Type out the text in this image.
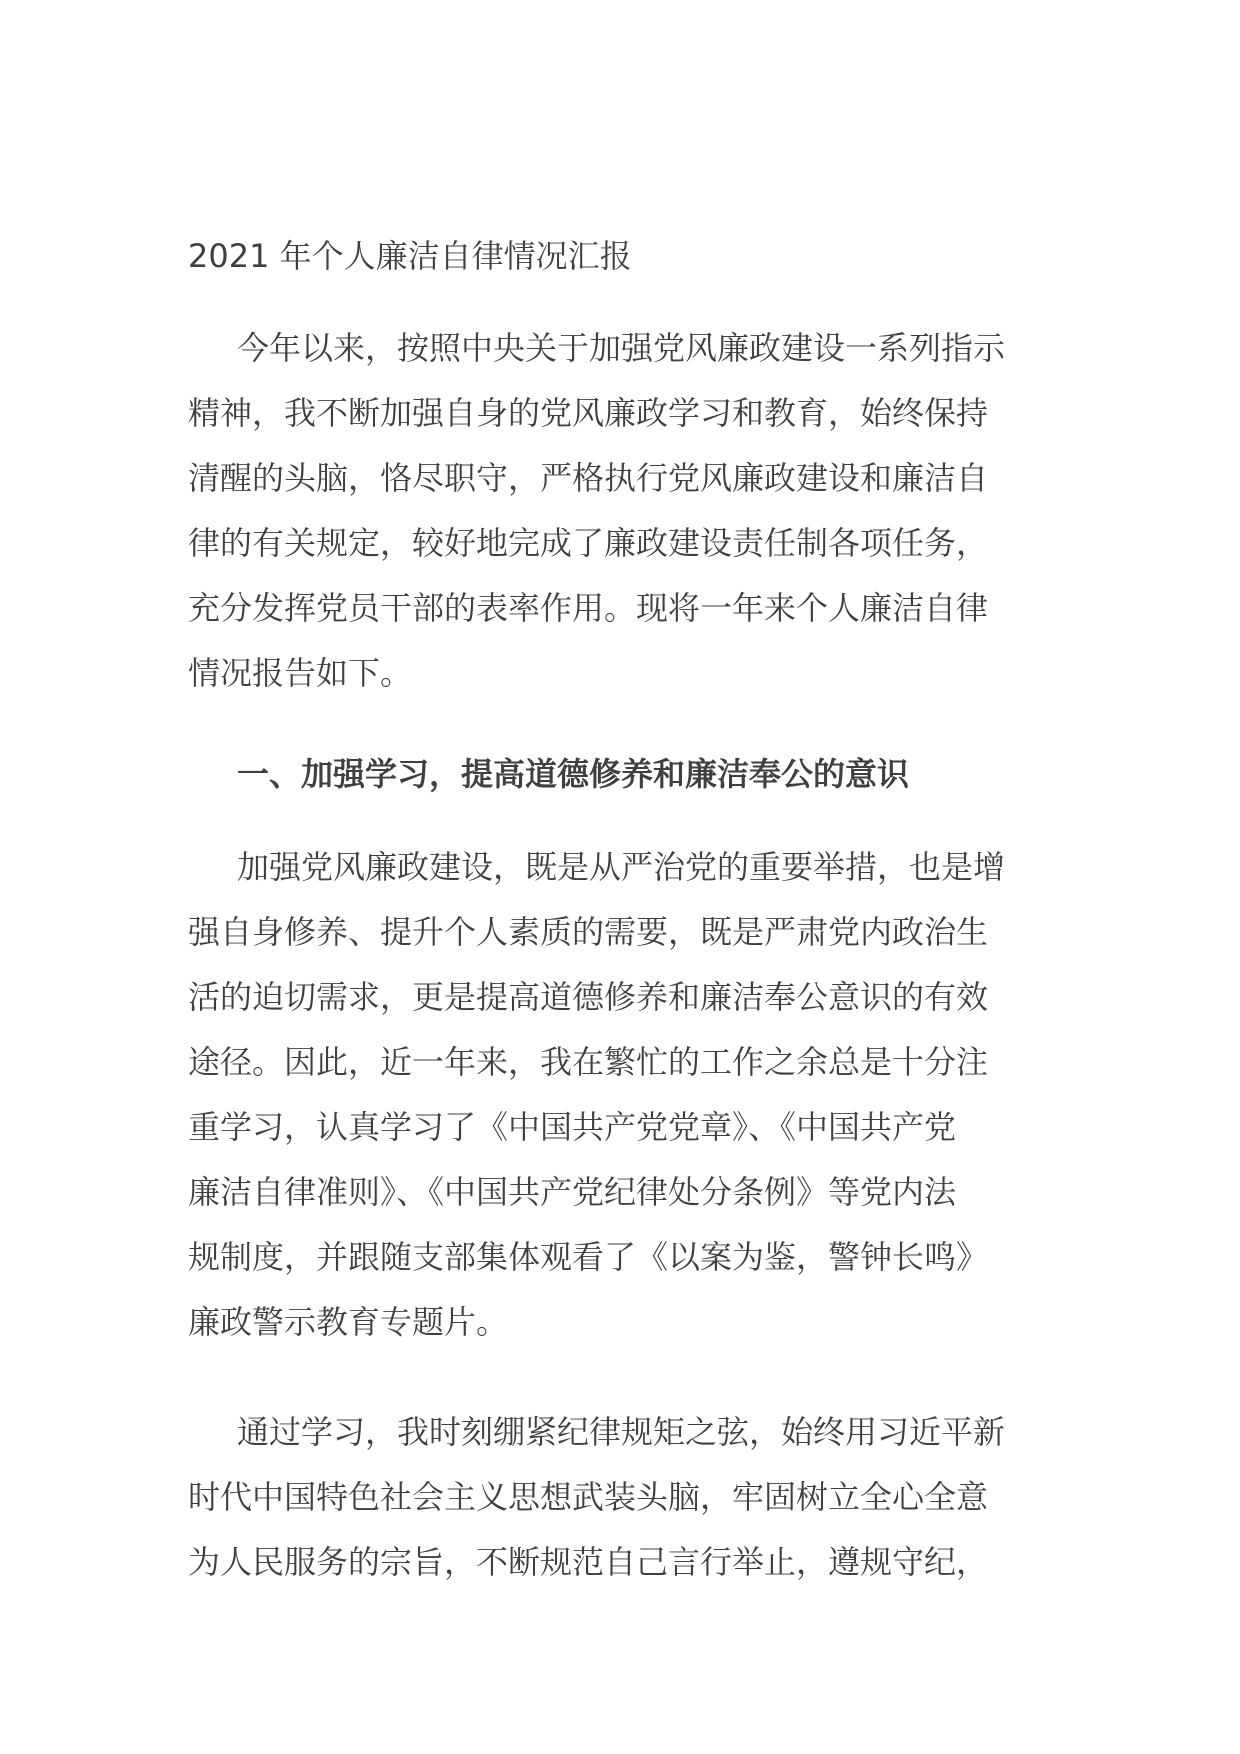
2021 年个人廉洁自律情况汇报
今年以来，按照中央关于加强党风廉政建设一系列指示
精神，我不断加强自身的党风廉政学习和教育，始终保持
清醒的头脑，恪尽职守，严格执行党风廉政建设和廉洁自
律的有关规定，较好地完成了廉政建设责任制各项任务，
充分发挥党员干部的表率作用。现将一年来个人廉洁自律
情况报告如下。
一、加强学习，提高道德修养和廉洁奉公的意识
加强党风廉政建设，既是从严治党的重要举措，也是增
强自身修养、提升个人素质的需要，既是严肃党内政治生
活的迫切需求，更是提高道德修养和廉洁奉公意识的有效
途径。因此，近一年来，我在繁忙的工作之余总是十分注
重学习，认真学习了《中国共产党党章》、《中国共产党
廉洁自律准则》、《中国共产党纪律处分条例》等党内法
规制度，并跟随支部集体观看了《以案为鉴，警钟长鸣》
廉政警示教育专题片。
通过学习，我时刻绷紧纪律规矩之弦，始终用习近平新
时代中国特色社会主义思想武装头脑，牢固树立全心全意
为人民服务的宗旨，不断规范自己言行举止，遵规守纪，
